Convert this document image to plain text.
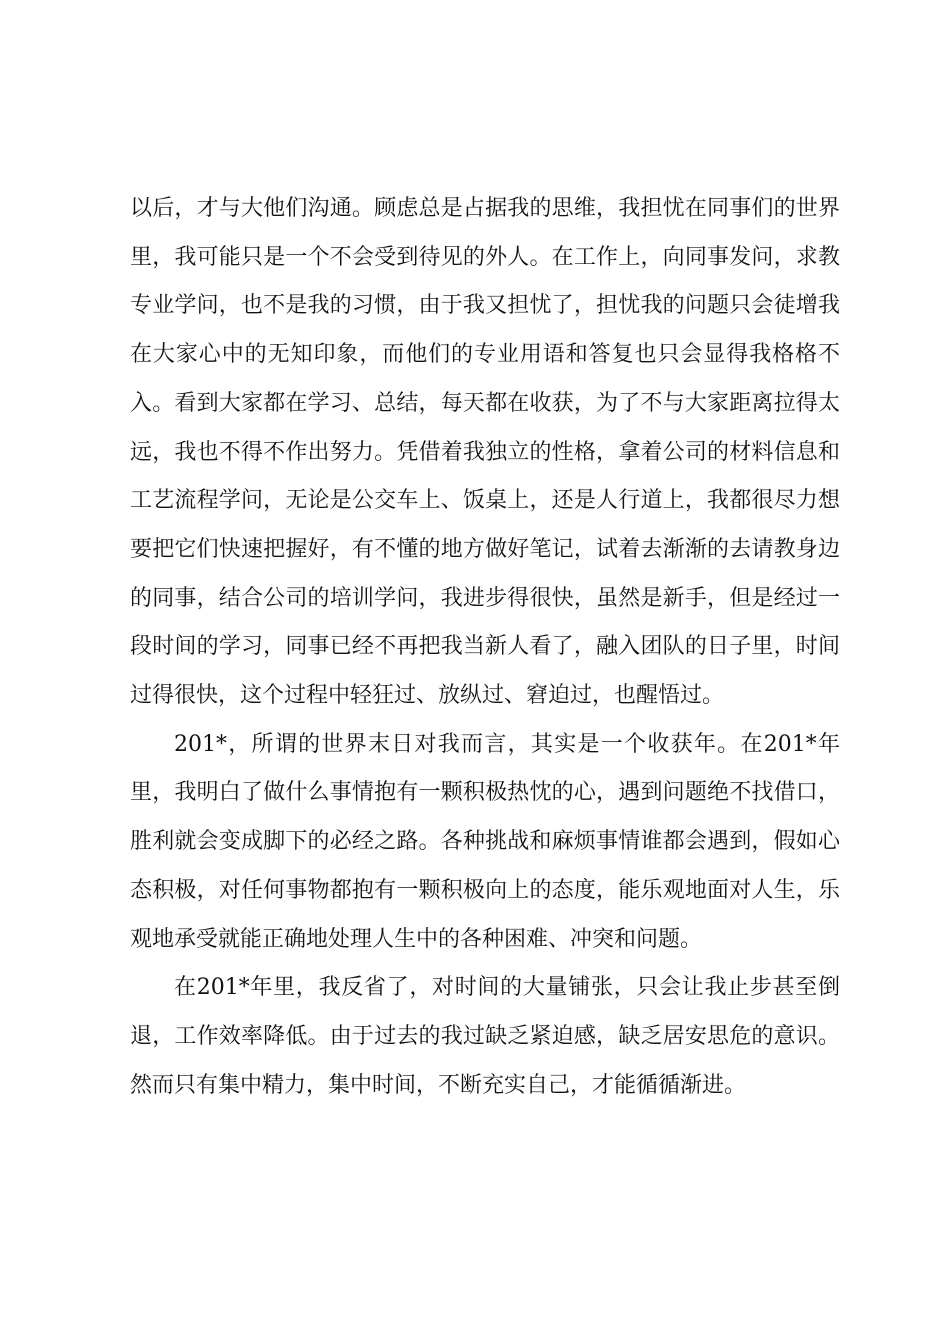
以后，才与大他们沟通。顾虑总是占据我的思维，我担忧在同事们的世界里，我可能只是一个不会受到待见的外人。在工作上，向同事发问，求教专业学问，也不是我的习惯，由于我又担忧了，担忧我的问题只会徒增我在大家心中的无知印象，而他们的专业用语和答复也只会显得我格格不入。看到大家都在学习、总结，每天都在收获，为了不与大家距离拉得太远，我也不得不作出努力。凭借着我独立的性格，拿着公司的材料信息和工艺流程学问，无论是公交车上、饭桌上，还是人行道上，我都很尽力想要把它们快速把握好，有不懂的地方做好笔记，试着去渐渐的去请教身边的同事，结合公司的培训学问，我进步得很快，虽然是新手，但是经过一段时间的学习，同事已经不再把我当新人看了，融入团队的日子里，时间过得很快，这个过程中轻狂过、放纵过、窘迫过，也醒悟过。

201*，所谓的世界末日对我而言，其实是一个收获年。在201*年里，我明白了做什么事情抱有一颗积极热忱的心，遇到问题绝不找借口，胜利就会变成脚下的必经之路。各种挑战和麻烦事情谁都会遇到，假如心态积极，对任何事物都抱有一颗积极向上的态度，能乐观地面对人生，乐观地承受就能正确地处理人生中的各种困难、冲突和问题。

在201*年里，我反省了，对时间的大量铺张，只会让我止步甚至倒退，工作效率降低。由于过去的我过缺乏紧迫感，缺乏居安思危的意识。然而只有集中精力，集中时间，不断充实自己，才能循循渐进。
